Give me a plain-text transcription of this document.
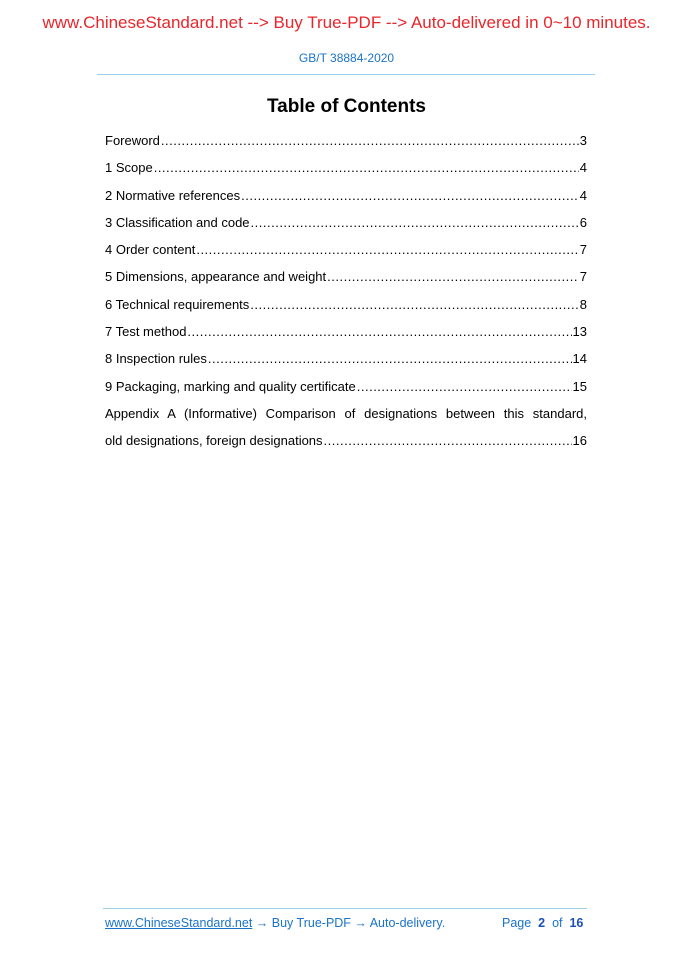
www.ChineseStandard.net --> Buy True-PDF --> Auto-delivered in 0~10 minutes.
GB/T 38884-2020
Table of Contents
Foreword .....	3
1 Scope .....	4
2 Normative references .....	4
3 Classification and code .....	6
4 Order content .....	7
5 Dimensions, appearance and weight .....	7
6 Technical requirements .....	8
7 Test method .....	13
8 Inspection rules .....	14
9 Packaging, marking and quality certificate .....	15
Appendix A (Informative) Comparison of designations between this standard,
old designations, foreign designations .....	16
www.ChineseStandard.net → Buy True-PDF → Auto-delivery.	Page 2 of 16
